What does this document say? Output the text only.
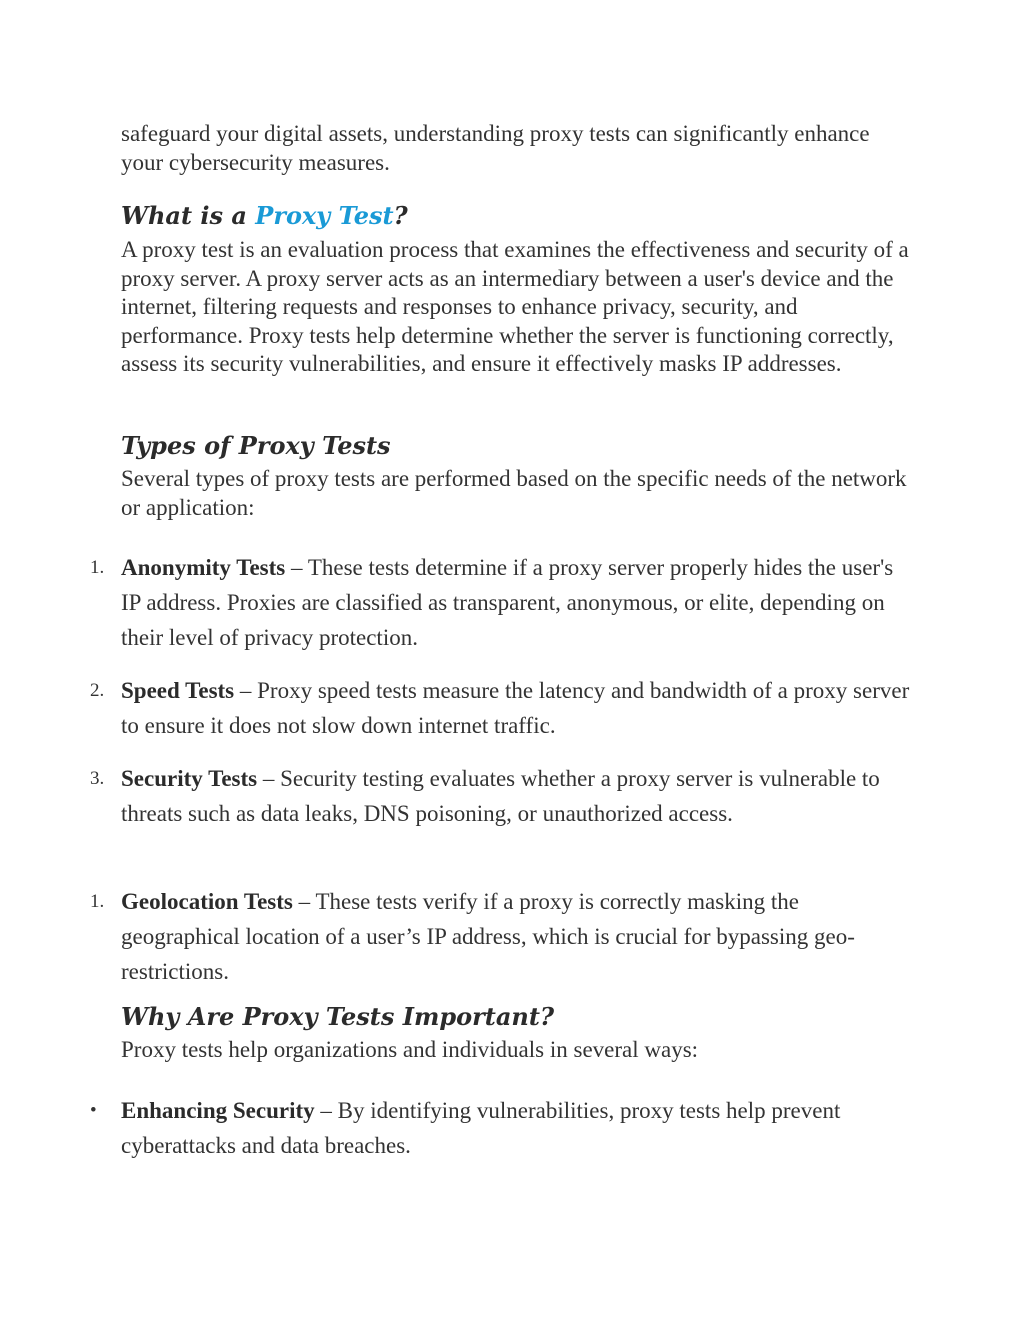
safeguard your digital assets, understanding proxy tests can significantly enhance your cybersecurity measures.

What is a Proxy Test?

A proxy test is an evaluation process that examines the effectiveness and security of a proxy server. A proxy server acts as an intermediary between a user's device and the internet, filtering requests and responses to enhance privacy, security, and performance. Proxy tests help determine whether the server is functioning correctly, assess its security vulnerabilities, and ensure it effectively masks IP addresses.

Types of Proxy Tests

Several types of proxy tests are performed based on the specific needs of the network or application:

1. Anonymity Tests – These tests determine if a proxy server properly hides the user's IP address. Proxies are classified as transparent, anonymous, or elite, depending on their level of privacy protection.
2. Speed Tests – Proxy speed tests measure the latency and bandwidth of a proxy server to ensure it does not slow down internet traffic.
3. Security Tests – Security testing evaluates whether a proxy server is vulnerable to threats such as data leaks, DNS poisoning, or unauthorized access.
1. Geolocation Tests – These tests verify if a proxy is correctly masking the geographical location of a user’s IP address, which is crucial for bypassing geo-restrictions.
Why Are Proxy Tests Important?

Proxy tests help organizations and individuals in several ways:

•	Enhancing Security – By identifying vulnerabilities, proxy tests help prevent cyberattacks and data breaches.
